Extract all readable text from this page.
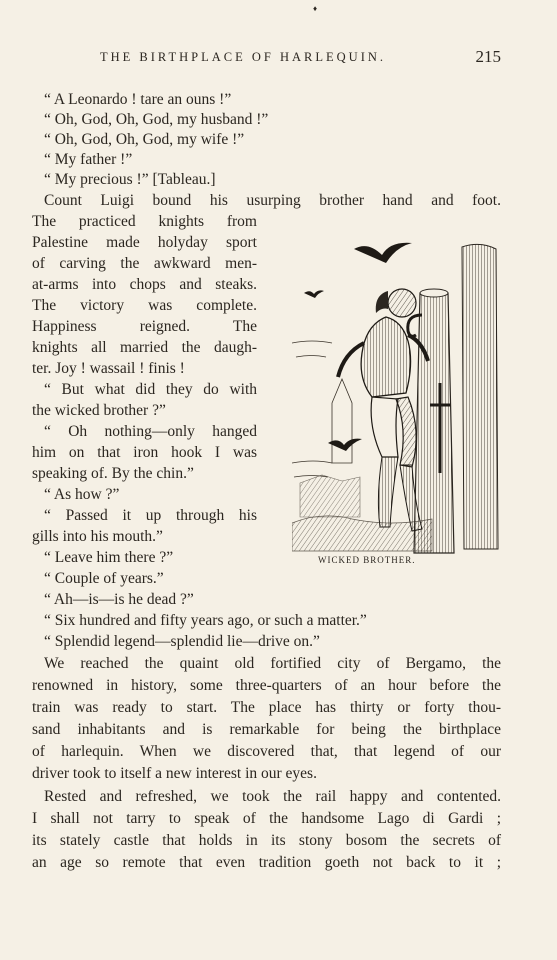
♦
THE BIRTHPLACE OF HARLEQUIN.	215
“ A Leonardo ! tare an ouns !”
“ Oh, God, Oh, God, my husband !”
“ Oh, God, Oh, God, my wife !”
“ My father !”
“ My precious !” [Tableau.]
Count Luigi bound his usurping brother hand and foot.
The practiced knights from
Palestine made holyday sport
of carving the awkward men-
at-arms into chops and steaks.
The victory was complete.
Happiness reigned. The
knights all married the daugh-
ter. Joy ! wassail ! finis !
“ But what did they do with
the wicked brother ?”
“ Oh nothing—only hanged
him on that iron hook I was
speaking of. By the chin.”
“ As how ?”
“ Passed it up through his
gills into his mouth.”
“ Leave him there ?”
“ Couple of years.”
“ Ah—is—is he dead ?”
“ Six hundred and fifty years ago, or such a matter.”
“ Splendid legend—splendid lie—drive on.”
We reached the quaint old fortified city of Bergamo, the
renowned in history, some three-quarters of an hour before the
train was ready to start. The place has thirty or forty thou-
sand inhabitants and is remarkable for being the birthplace
of harlequin. When we discovered that, that legend of our
driver took to itself a new interest in our eyes.
Rested and refreshed, we took the rail happy and contented.
I shall not tarry to speak of the handsome Lago di Gardi ;
its stately castle that holds in its stony bosom the secrets of
an age so remote that even tradition goeth not back to it ;
WICKED BROTHER.
